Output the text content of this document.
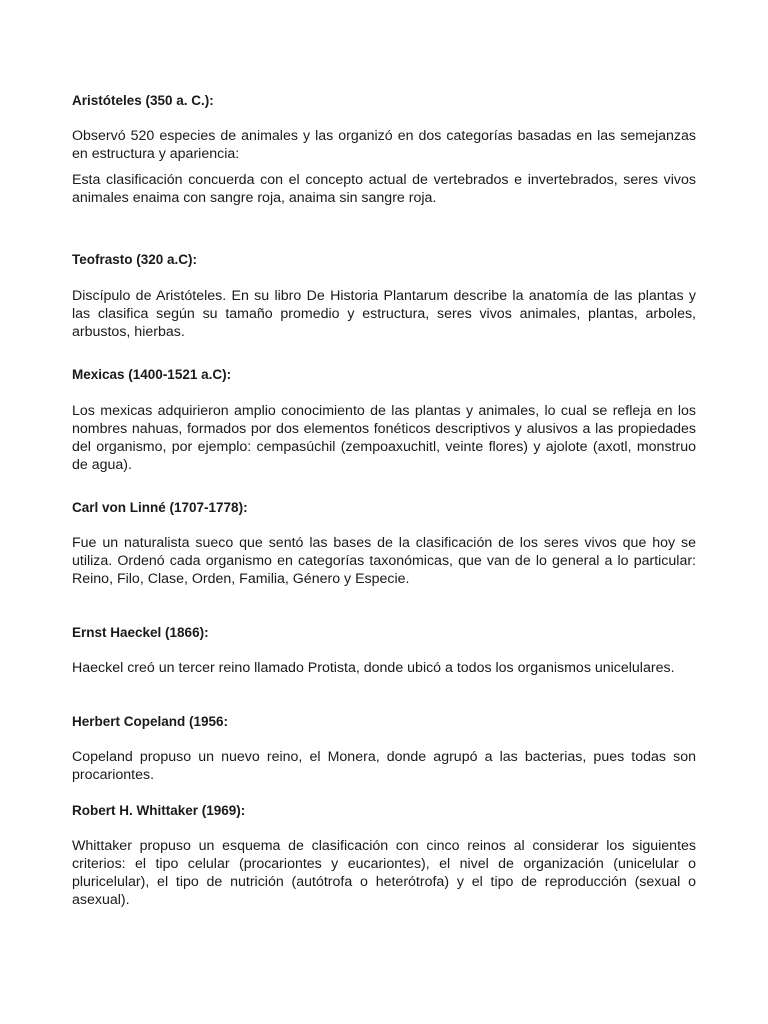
Aristóteles (350 a. C.):

Observó 520 especies de animales y las organizó en dos categorías basadas en las semejanzas en estructura y apariencia:

Esta clasificación concuerda con el concepto actual de vertebrados e invertebrados, seres vivos animales enaima con sangre roja, anaima sin sangre roja.

Teofrasto (320 a.C):

Discípulo de Aristóteles. En su libro De Historia Plantarum describe la anatomía de las plantas y las clasifica según su tamaño promedio y estructura, seres vivos animales, plantas, arboles, arbustos, hierbas.

Mexicas (1400-1521 a.C):

Los mexicas adquirieron amplio conocimiento de las plantas y animales, lo cual se refleja en los nombres nahuas, formados por dos elementos fonéticos descriptivos y alusivos a las propiedades del organismo, por ejemplo: cempasúchil (zempoaxuchitl, veinte flores) y ajolote (axotl, monstruo de agua).

Carl von Linné (1707-1778):

Fue un naturalista sueco que sentó las bases de la clasificación de los seres vivos que hoy se utiliza. Ordenó cada organismo en categorías taxonómicas, que van de lo general a lo particular: Reino, Filo, Clase, Orden, Familia, Género y Especie.

Ernst Haeckel (1866):

Haeckel creó un tercer reino llamado Protista, donde ubicó a todos los organismos unicelulares.

Herbert Copeland (1956:

Copeland propuso un nuevo reino, el Monera, donde agrupó a las bacterias, pues todas son procariontes.

Robert H. Whittaker (1969):

Whittaker propuso un esquema de clasificación con cinco reinos al considerar los siguientes criterios: el tipo celular (procariontes y eucariontes), el nivel de organización (unicelular o pluricelular), el tipo de nutrición (autótrofa o heterótrofa) y el tipo de reproducción (sexual o asexual).
